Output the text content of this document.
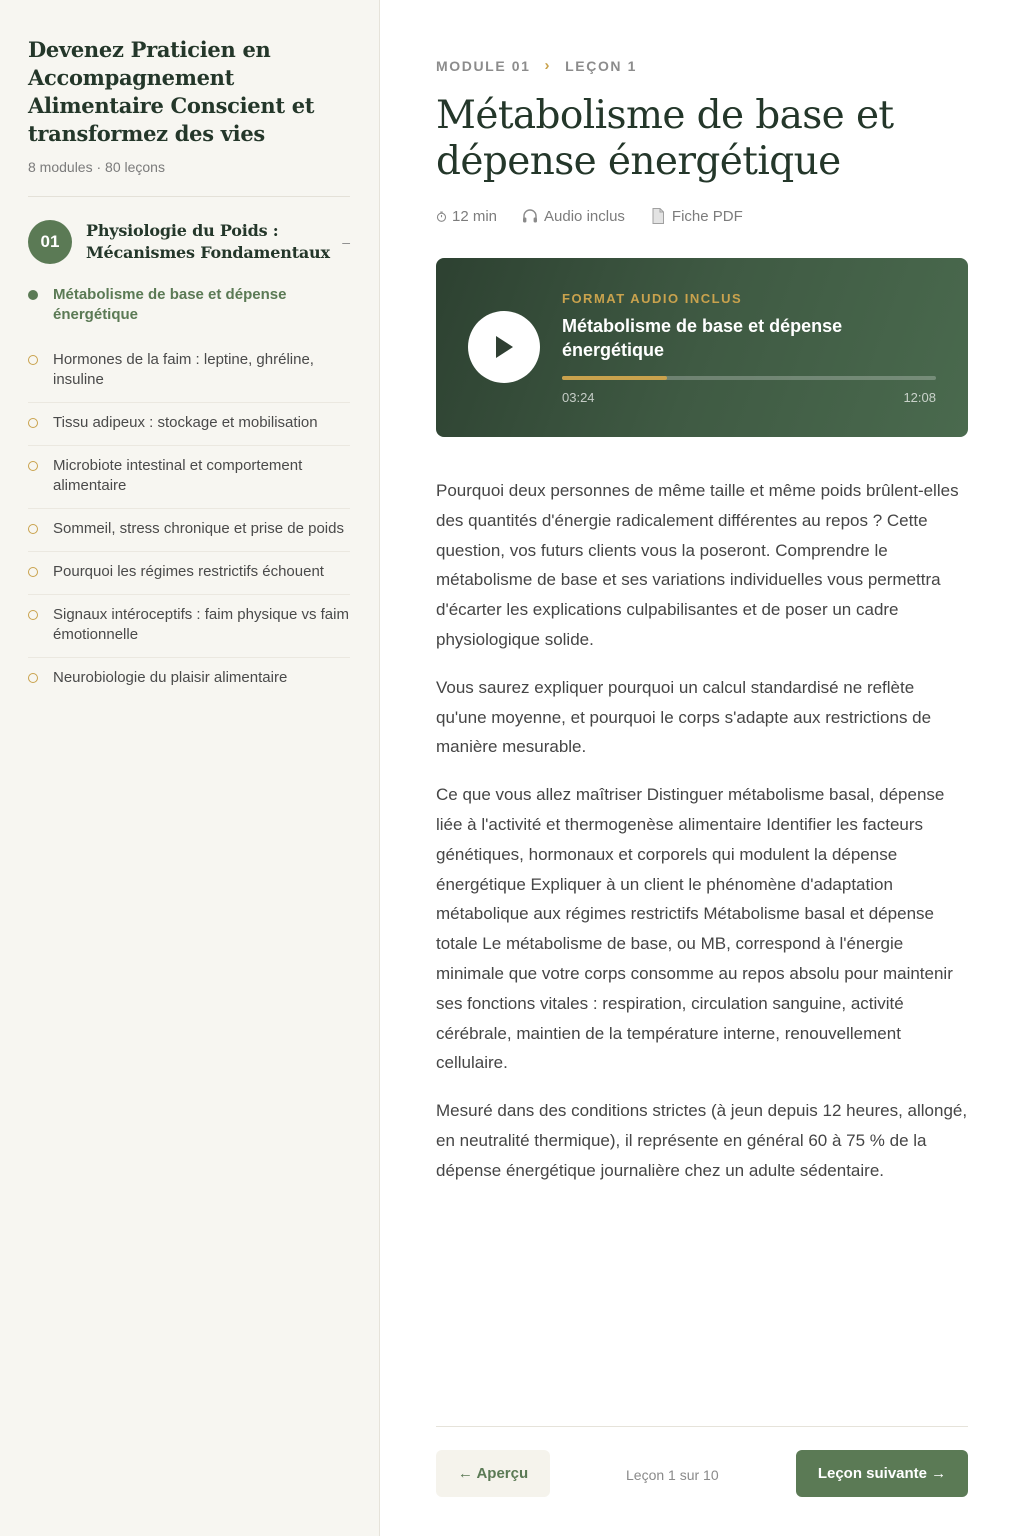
Devenez Praticien en Accompagnement Alimentaire Conscient et transformez des vies
8 modules · 80 leçons
01
Physiologie du Poids : Mécanismes Fondamentaux
–
Métabolisme de base et dépense énergétique
Hormones de la faim : leptine, ghréline, insuline
Tissu adipeux : stockage et mobilisation
Microbiote intestinal et comportement alimentaire
Sommeil, stress chronique et prise de poids
Pourquoi les régimes restrictifs échouent
Signaux intéroceptifs : faim physique vs faim émotionnelle
Neurobiologie du plaisir alimentaire
MODULE 01 › LEÇON 1
Métabolisme de base et dépense énergétique
12 min	Audio inclus	Fiche PDF
FORMAT AUDIO INCLUS
Métabolisme de base et dépense énergétique
03:24	12:08

Pourquoi deux personnes de même taille et même poids brûlent-elles des quantités d'énergie radicalement différentes au repos ? Cette question, vos futurs clients vous la poseront. Comprendre le métabolisme de base et ses variations individuelles vous permettra d'écarter les explications culpabilisantes et de poser un cadre physiologique solide.

Vous saurez expliquer pourquoi un calcul standardisé ne reflète qu'une moyenne, et pourquoi le corps s'adapte aux restrictions de manière mesurable.

Ce que vous allez maîtriser Distinguer métabolisme basal, dépense liée à l'activité et thermogenèse alimentaire Identifier les facteurs génétiques, hormonaux et corporels qui modulent la dépense énergétique Expliquer à un client le phénomène d'adaptation métabolique aux régimes restrictifs Métabolisme basal et dépense totale Le métabolisme de base, ou MB, correspond à l'énergie minimale que votre corps consomme au repos absolu pour maintenir ses fonctions vitales : respiration, circulation sanguine, activité cérébrale, maintien de la température interne, renouvellement cellulaire.

Mesuré dans des conditions strictes (à jeun depuis 12 heures, allongé, en neutralité thermique), il représente en général 60 à 75 % de la dépense énergétique journalière chez un adulte sédentaire.

← Aperçu	Leçon 1 sur 10	Leçon suivante →
